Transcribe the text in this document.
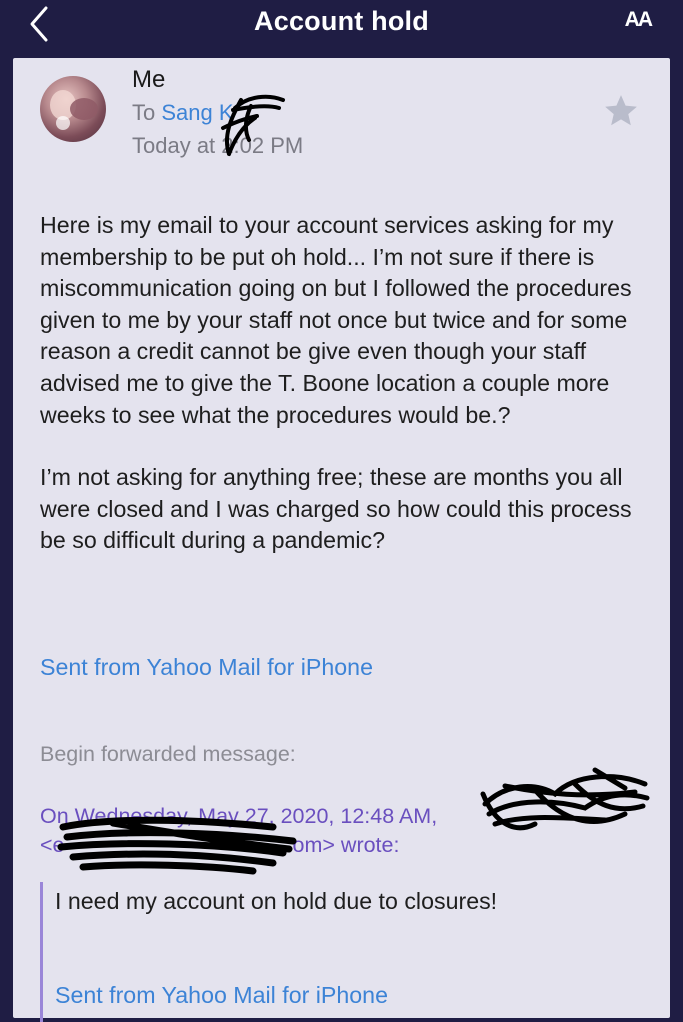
Account hold	AA
Me
To Sang K
Today at 2:02 PM

Here is my email to your account services asking for my membership to be put oh hold... I’m not sure if there is miscommunication going on but I followed the procedures given to me by your staff not once but twice and for some reason a credit cannot be give even though your staff advised me to give the T. Boone location a couple more weeks to see what the procedures would be.?

I’m not asking for anything free; these are months you all were closed and I was charged so how could this process be so difficult during a pandemic?

Sent from Yahoo Mail for iPhone
Begin forwarded message:
On Wednesday, May 27, 2020, 12:48 AM,
<e	om> wrote:
I need my account on hold due to closures!
Sent from Yahoo Mail for iPhone
